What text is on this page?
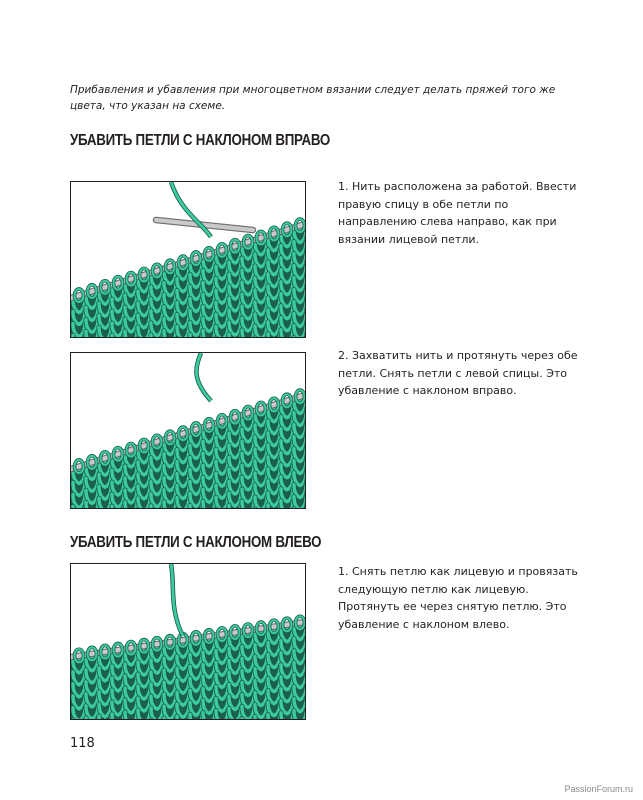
Прибавления и убавления при многоцветном вязании следует делать пряжей того же цвета, что указан на схеме.
УБАВИТЬ ПЕТЛИ С НАКЛОНОМ ВПРАВО
1. Нить расположена за работой. Ввести правую спицу в обе петли по направлению слева направо, как при вязании лицевой петли.
2. Захватить нить и протянуть через обе петли. Снять петли с левой спицы. Это убавление с наклоном вправо.
УБАВИТЬ ПЕТЛИ С НАКЛОНОМ ВЛЕВО
1. Снять петлю как лицевую и провязать следующую петлю как лицевую. Протянуть ее через снятую петлю. Это убавление с наклоном влево.
118
PassionForum.ru
